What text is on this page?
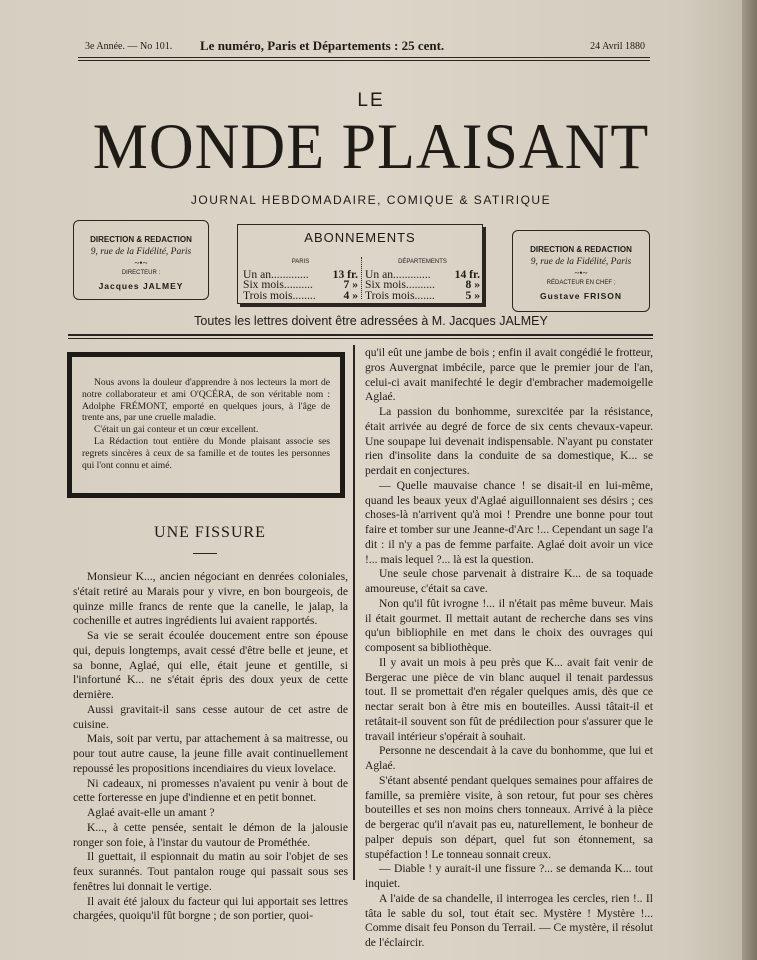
3e Année. — No 101. Le numéro, Paris et Départements : 25 cent.	24 Avril 1880
LE
MONDE PLAISANT
JOURNAL HEBDOMADAIRE, COMIQUE & SATIRIQUE
DIRECTION & REDACTION
9, rue de la Fidélité, Paris
~•~
DIRECTEUR :
Jacques JALMEY
ABONNEMENTS
PARIS
Un an............. 13 fr.
Six mois..........	7 »
Trois mois........ 4 »
DÉPARTEMENTS
Un an............. 14 fr.
Six mois..........	8 »
Trois mois.......	5 »
DIRECTION & REDACTION
9, rue de la Fidélité, Paris
~•~
RÉDACTEUR EN CHEF ;
Gustave FRISON
Toutes les lettres doivent être adressées à M. Jacques JALMEY

Nous avons la douleur d'apprendre à nos lecteurs la mort de notre collaborateur et ami O'QCÉRA, de son véritable nom : Adolphe FRÉMONT, emporté en quelques jours, à l'âge de trente ans, par une cruelle maladie.

C'était un gai conteur et un cœur excellent.

La Rédaction tout entière du Monde plaisant associe ses regrets sincères à ceux de sa famille et de toutes les personnes qui l'ont connu et aimé.

UNE FISSURE

Monsieur K..., ancien négociant en denrées coloniales, s'était retiré au Marais pour y vivre, en bon bourgeois, de quinze mille francs de rente que la canelle, le jalap, la cochenille et autres ingrédients lui avaient rapportés.

Sa vie se serait écoulée doucement entre son épouse qui, depuis longtemps, avait cessé d'être belle et jeune, et sa bonne, Aglaé, qui elle, était jeune et gentille, si l'infortuné K... ne s'était épris des doux yeux de cette dernière.

Aussi gravitait-il sans cesse autour de cet astre de cuisine.

Mais, soit par vertu, par attachement à sa maitresse, ou pour tout autre cause, la jeune fille avait continuellement repoussé les propositions incendiaires du vieux lovelace.

Ni cadeaux, ni promesses n'avaient pu venir à bout de cette forteresse en jupe d'indienne et en petit bonnet.

Aglaé avait-elle un amant ?

K..., à cette pensée, sentait le démon de la jalousie ronger son foie, à l'instar du vautour de Prométhée.

Il guettait, il espionnait du matin au soir l'objet de ses feux surannés. Tout pantalon rouge qui passait sous ses fenêtres lui donnait le vertige.

Il avait été jaloux du facteur qui lui apportait ses lettres chargées, quoiqu'il fût borgne ; de son portier, quoi-

qu'il eût une jambe de bois ; enfin il avait congédié le frotteur, gros Auvergnat imbécile, parce que le premier jour de l'an, celui-ci avait manifechté le degir d'embracher mademoigelle Aglaé.

La passion du bonhomme, surexcitée par la résistance, était arrivée au degré de force de six cents chevaux-vapeur. Une soupape lui devenait indispensable. N'ayant pu constater rien d'insolite dans la conduite de sa domestique, K... se perdait en conjectures.

— Quelle mauvaise chance ! se disait-il en lui-même, quand les beaux yeux d'Aglaé aiguillonnaient ses désirs ; ces choses-là n'arrivent qu'à moi ! Prendre une bonne pour tout faire et tomber sur une Jeanne-d'Arc !... Cependant un sage l'a dit : il n'y a pas de femme parfaite. Aglaé doit avoir un vice !... mais lequel ?... là est la question.

Une seule chose parvenait à distraire K... de sa toquade amoureuse, c'était sa cave.

Non qu'il fût ivrogne !... il n'était pas même buveur. Mais il était gourmet. Il mettait autant de recherche dans ses vins qu'un bibliophile en met dans le choix des ouvrages qui composent sa bibliothèque.

Il y avait un mois à peu près que K... avait fait venir de Bergerac une pièce de vin blanc auquel il tenait pardessus tout. Il se promettait d'en régaler quelques amis, dès que ce nectar serait bon à être mis en bouteilles. Aussi tâtait-il et retâtait-il souvent son fût de prédilection pour s'assurer que le travail intérieur s'opérait à souhait.

Personne ne descendait à la cave du bonhomme, que lui et Aglaé.

S'étant absenté pendant quelques semaines pour affaires de famille, sa première visite, à son retour, fut pour ses chères bouteilles et ses non moins chers tonneaux. Arrivé à la pièce de bergerac qu'il n'avait pas eu, naturellement, le bonheur de palper depuis son départ, quel fut son étonnement, sa stupéfaction ! Le tonneau sonnait creux.

— Diable ! y aurait-il une fissure ?... se demanda K... tout inquiet.

A l'aide de sa chandelle, il interrogea les cercles, rien !.. Il tâta le sable du sol, tout était sec. Mystère ! Mystère !... Comme disait feu Ponson du Terrail. — Ce mystère, il résolut de l'éclaircir.
